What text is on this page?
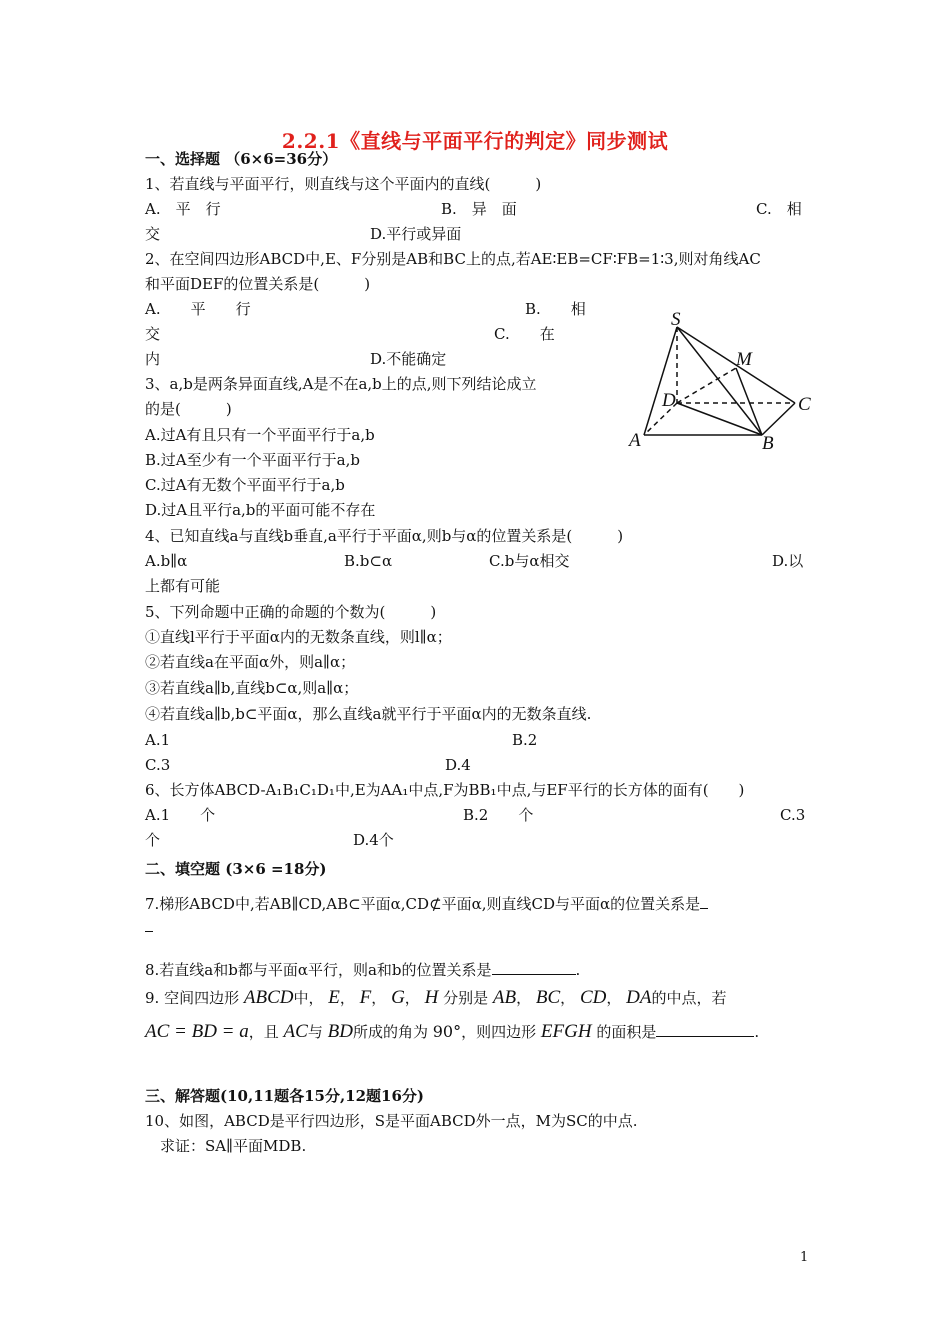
2.2.1《直线与平面平行的判定》同步测试
一、选择题 （6×6=36分）
1、若直线与平面平行，则直线与这个平面内的直线(　　　)
A.　平　行	B.　异　面	C.　相
交	D.平行或异面
2、在空间四边形ABCD中,E、F分别是AB和BC上的点,若AE∶EB=CF∶FB=1∶3,则对角线AC
和平面DEF的位置关系是(　　　)
A.　　平　　行	B.　　相
交	C.　　在
内	D.不能确定
3、a,b是两条异面直线,A是不在a,b上的点,则下列结论成立
的是(　　　)
A.过A有且只有一个平面平行于a,b
B.过A至少有一个平面平行于a,b
C.过A有无数个平面平行于a,b
D.过A且平行a,b的平面可能不存在
S
M
D	C
A	B
4、已知直线a与直线b垂直,a平行于平面α,则b与α的位置关系是(　　　)
A.b∥α	B.b⊂α	C.b与α相交	D.以
上都有可能
5、下列命题中正确的命题的个数为(　　　)
①直线l平行于平面α内的无数条直线，则l∥α；
②若直线a在平面α外，则a∥α；
③若直线a∥b,直线b⊂α,则a∥α；
④若直线a∥b,b⊂平面α，那么直线a就平行于平面α内的无数条直线.
A.1	B.2
C.3	D.4
6、长方体ABCD-A₁B₁C₁D₁中,E为AA₁中点,F为BB₁中点,与EF平行的长方体的面有(　　)
A.1　　个	B.2　　个	C.3
个	D.4个
二、填空题 (3×6 =18分)
7.梯形ABCD中,若AB∥CD,AB⊂平面α,CD⊄平面α,则直线CD与平面α的位置关系是
8.若直线a和b都与平面α平行，则a和b的位置关系是	.
9. 空间四边形 ABCD中， E， F， G， H 分别是 AB， BC， CD， DA的中点，若
AC = BD = a，且 AC与 BD所成的角为 90°，则四边形 EFGH 的面积是	.
三、解答题(10,11题各15分,12题16分)
10、如图，ABCD是平行四边形，S是平面ABCD外一点，M为SC的中点.
求证：SA∥平面MDB.
1
